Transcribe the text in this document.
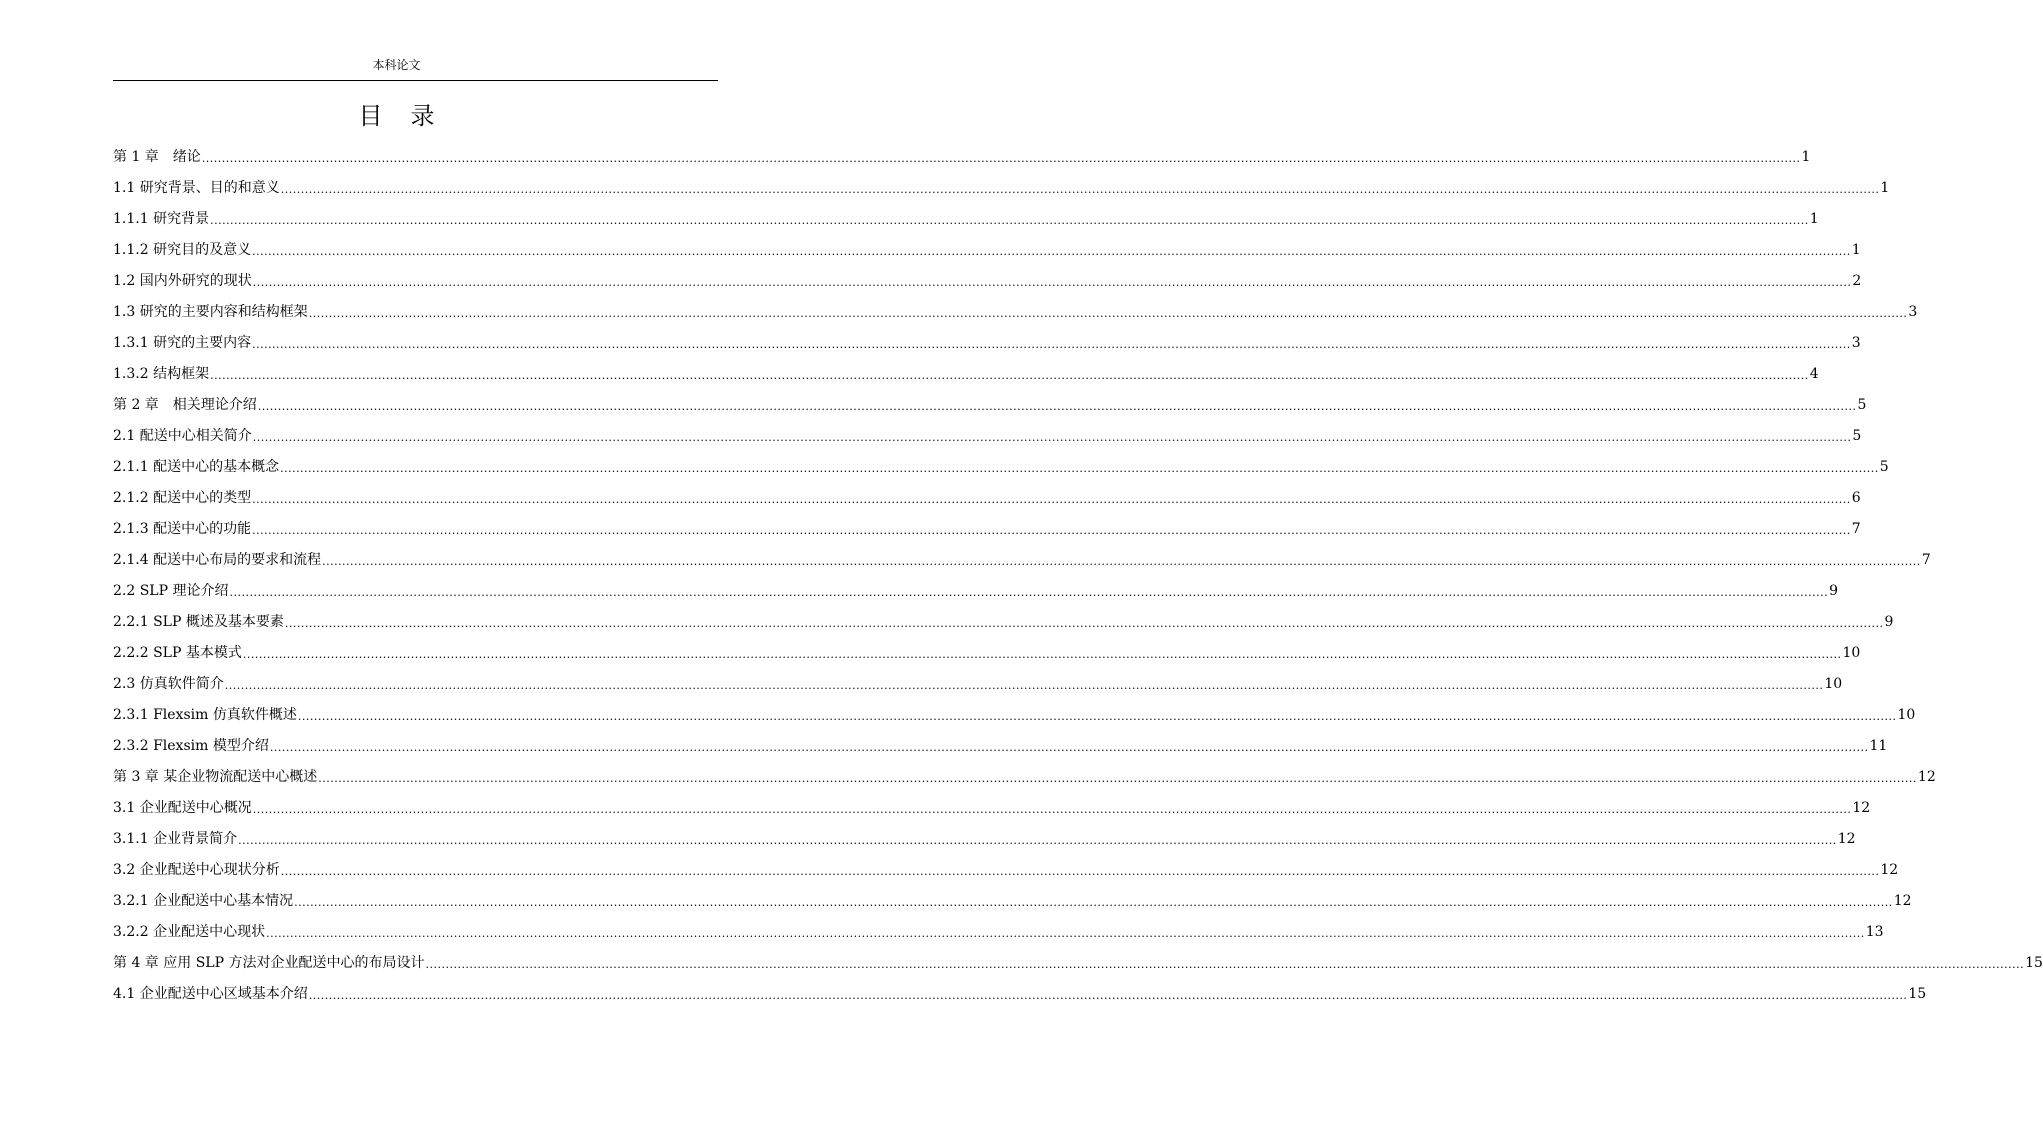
本科论文
目录
第 1 章　绪论 ................................................................................................................................................................................................................................................................................................................................................................................................................ 1
1.1 研究背景、目的和意义 ................................................................................................................................................................................................................................................................................................................................................................................................................ 1
1.1.1 研究背景 ................................................................................................................................................................................................................................................................................................................................................................................................................ 1
1.1.2 研究目的及意义 ................................................................................................................................................................................................................................................................................................................................................................................................................ 1
1.2 国内外研究的现状 ................................................................................................................................................................................................................................................................................................................................................................................................................ 2
1.3 研究的主要内容和结构框架 ................................................................................................................................................................................................................................................................................................................................................................................................................ 3
1.3.1 研究的主要内容 ................................................................................................................................................................................................................................................................................................................................................................................................................ 3
1.3.2 结构框架 ................................................................................................................................................................................................................................................................................................................................................................................................................ 4
第 2 章　相关理论介绍 ................................................................................................................................................................................................................................................................................................................................................................................................................ 5
2.1 配送中心相关简介 ................................................................................................................................................................................................................................................................................................................................................................................................................ 5
2.1.1 配送中心的基本概念 ................................................................................................................................................................................................................................................................................................................................................................................................................ 5
2.1.2 配送中心的类型 ................................................................................................................................................................................................................................................................................................................................................................................................................ 6
2.1.3 配送中心的功能 ................................................................................................................................................................................................................................................................................................................................................................................................................ 7
2.1.4 配送中心布局的要求和流程 ................................................................................................................................................................................................................................................................................................................................................................................................................ 7
2.2 SLP 理论介绍 ................................................................................................................................................................................................................................................................................................................................................................................................................ 9
2.2.1 SLP 概述及基本要素 ................................................................................................................................................................................................................................................................................................................................................................................................................ 9
2.2.2 SLP 基本模式 ................................................................................................................................................................................................................................................................................................................................................................................................................ 10
2.3 仿真软件简介 ................................................................................................................................................................................................................................................................................................................................................................................................................ 10
2.3.1 Flexsim 仿真软件概述 ................................................................................................................................................................................................................................................................................................................................................................................................................ 10
2.3.2 Flexsim 模型介绍 ................................................................................................................................................................................................................................................................................................................................................................................................................ 11
第 3 章 某企业物流配送中心概述 ................................................................................................................................................................................................................................................................................................................................................................................................................ 12
3.1 企业配送中心概况 ................................................................................................................................................................................................................................................................................................................................................................................................................ 12
3.1.1 企业背景简介 ................................................................................................................................................................................................................................................................................................................................................................................................................ 12
3.2 企业配送中心现状分析 ................................................................................................................................................................................................................................................................................................................................................................................................................ 12
3.2.1 企业配送中心基本情况 ................................................................................................................................................................................................................................................................................................................................................................................................................ 12
3.2.2 企业配送中心现状 ................................................................................................................................................................................................................................................................................................................................................................................................................ 13
第 4 章 应用 SLP 方法对企业配送中心的布局设计 ................................................................................................................................................................................................................................................................................................................................................................................................................ 15
4.1 企业配送中心区域基本介绍 ................................................................................................................................................................................................................................................................................................................................................................................................................ 15
